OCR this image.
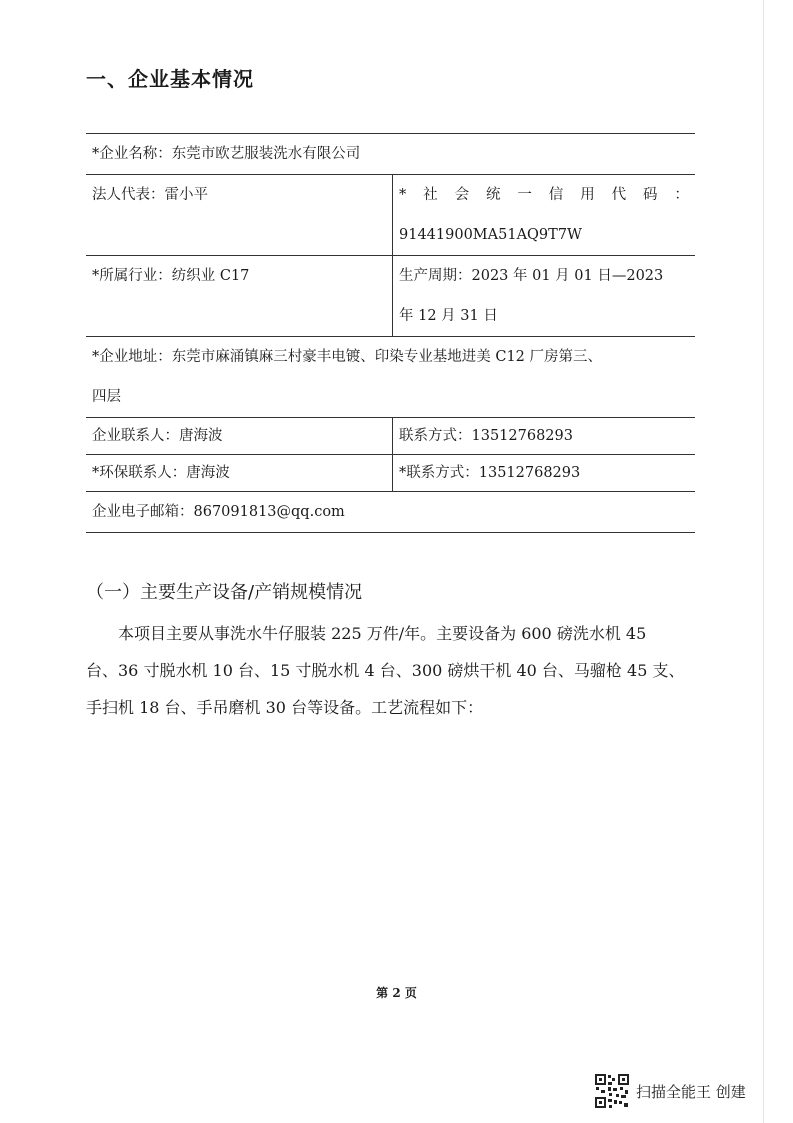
一、企业基本情况
*企业名称：东莞市欧艺服装洗水有限公司
法人代表：雷小平	* 社 会 统 一 信 用 代 码 ：
91441900MA51AQ9T7W
*所属行业：纺织业 C17	生产周期：2023 年 01 月 01 日—2023
年 12 月 31 日
*企业地址：东莞市麻涌镇麻三村豪丰电镀、印染专业基地进美 C12 厂房第三、
四层
企业联系人：唐海波	联系方式：13512768293
*环保联系人：唐海波	*联系方式：13512768293
企业电子邮箱：867091813@qq.com
（一）主要生产设备/产销规模情况
本项目主要从事洗水牛仔服装 225 万件/年。主要设备为 600 磅洗水机 45
台、36 寸脱水机 10 台、15 寸脱水机 4 台、300 磅烘干机 40 台、马骝枪 45 支、
手扫机 18 台、手吊磨机 30 台等设备。工艺流程如下：
第 2 页
扫描全能王 创建
